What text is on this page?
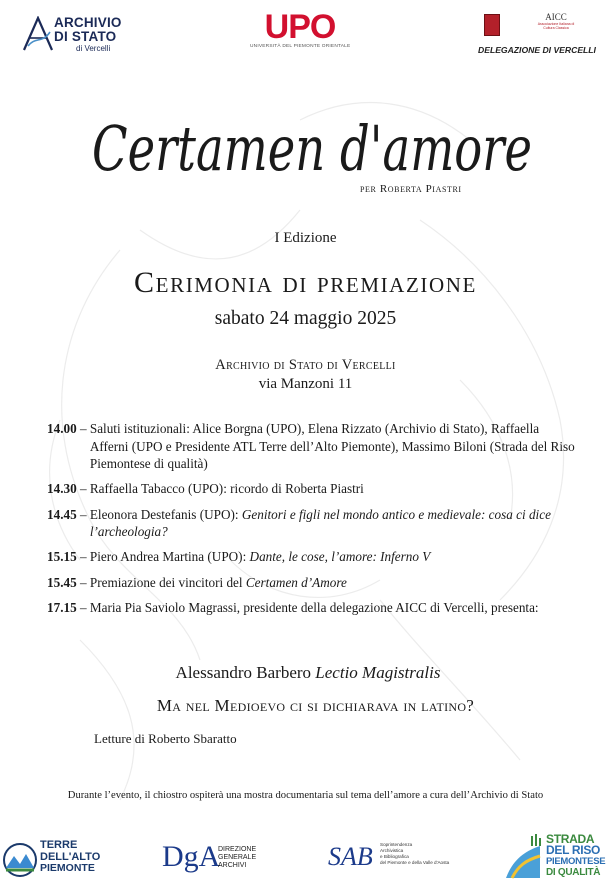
ARCHIVIO
DI STATO
di Vercelli
UPO
UNIVERSITÀ DEL PIEMONTE ORIENTALE
AICC
Associazione Italiana di Cultura Classica
DELEGAZIONE DI VERCELLI
Certamen d'amore
per Roberta Piastri
I Edizione
Cerimonia di premiazione
sabato 24 maggio 2025
Archivio di Stato di Vercelli
via Manzoni 11
14.00 – Saluti istituzionali: Alice Borgna (UPO), Elena Rizzato (Archivio di Stato), Raffaella Afferni (UPO e Presidente ATL Terre dell’Alto Piemonte), Massimo Biloni (Strada del Riso Piemontese di qualità)
14.30 – Raffaella Tabacco (UPO): ricordo di Roberta Piastri
14.45 – Eleonora Destefanis (UPO): Genitori e figli nel mondo antico e medievale: cosa ci dice l’archeologia?
15.15 – Piero Andrea Martina (UPO): Dante, le cose, l’amore: Inferno V
15.45 – Premiazione dei vincitori del Certamen d’Amore
17.15 – Maria Pia Saviolo Magrassi, presidente della delegazione AICC di Vercelli, presenta:
Alessandro Barbero Lectio Magistralis
Ma nel Medioevo ci si dichiarava in latino?
Letture di Roberto Sbaratto
Durante l’evento, il chiostro ospiterà una mostra documentaria sul tema dell’amore a cura dell’Archivio di Stato
TERRE
DELL'ALTO
PIEMONTE DgA
DIREZIONE
GENERALE
ARCHIVI	SAB Soprintendenza
Archivistica
e Bibliografica
del Piemonte e della Valle d'Aosta
STRADA
DEL RISO
PIEMONTESE
DI QUALITÀ
